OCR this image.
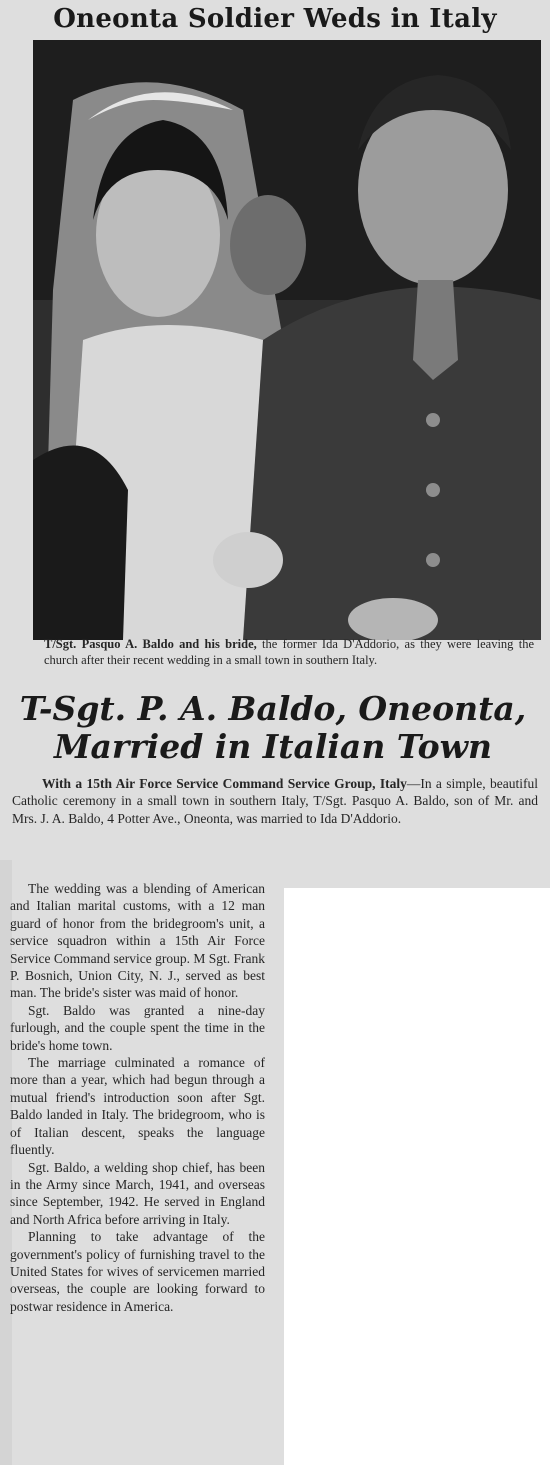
Oneonta Soldier Weds in Italy
T/Sgt. Pasquo A. Baldo and his bride, the former Ida D'Addorio, as they were leaving the church after their recent wedding in a small town in southern Italy.
T-Sgt. P. A. Baldo, Oneonta, Married in Italian Town
With a 15th Air Force Service Command Service Group, Italy—In a simple, beautiful Catholic ceremony in a small town in southern Italy, T/Sgt. Pasquo A. Baldo, son of Mr. and Mrs. J. A. Baldo, 4 Potter Ave., Oneonta, was married to Ida D'Addorio.

The wedding was a blending of American and Italian marital customs, with a 12 man guard of honor from the bridegroom's unit, a service squadron within a 15th Air Force Service Command service group. M Sgt. Frank P. Bosnich, Union City, N. J., served as best man. The bride's sister was maid of honor.

Sgt. Baldo was granted a nine-day furlough, and the couple spent the time in the bride's home town.

The marriage culminated a romance of more than a year, which had begun through a mutual friend's introduction soon after Sgt. Baldo landed in Italy. The bridegroom, who is of Italian descent, speaks the language fluently.

Sgt. Baldo, a welding shop chief, has been in the Army since March, 1941, and overseas since September, 1942. He served in England and North Africa before arriving in Italy.

Planning to take advantage of the government's policy of furnishing travel to the United States for wives of servicemen married overseas, the couple are looking forward to postwar residence in America.
